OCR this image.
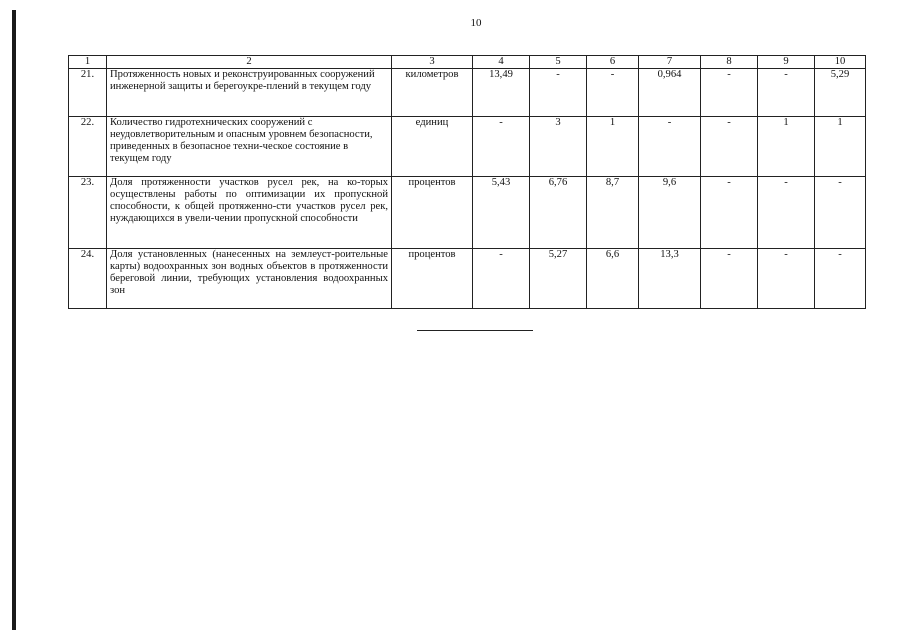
10
1	2	3	4	5	6	7	8	9	10
21.	Протяженность новых и реконструированных сооружений инженерной защиты и берегоукре-плений в текущем году	километров	13,49	-	-	0,964	-	-	5,29
22.	Количество гидротехнических сооружений с неудовлетворительным и опасным уровнем безопасности, приведенных в безопасное техни-ческое состояние в текущем году	единиц	-	3	1	-	-	1	1
23.	Доля протяженности участков русел рек, на ко-торых осуществлены работы по оптимизации их пропускной способности, к общей протяженно-сти участков русел рек, нуждающихся в увели-чении пропускной способности	процентов	5,43	6,76	8,7	9,6	-	-	-
24.	Доля установленных (нанесенных на землеуст-роительные карты) водоохранных зон водных объектов в протяженности береговой линии, требующих установления водоохранных зон	процентов	-	5,27	6,6	13,3	-	-	-
